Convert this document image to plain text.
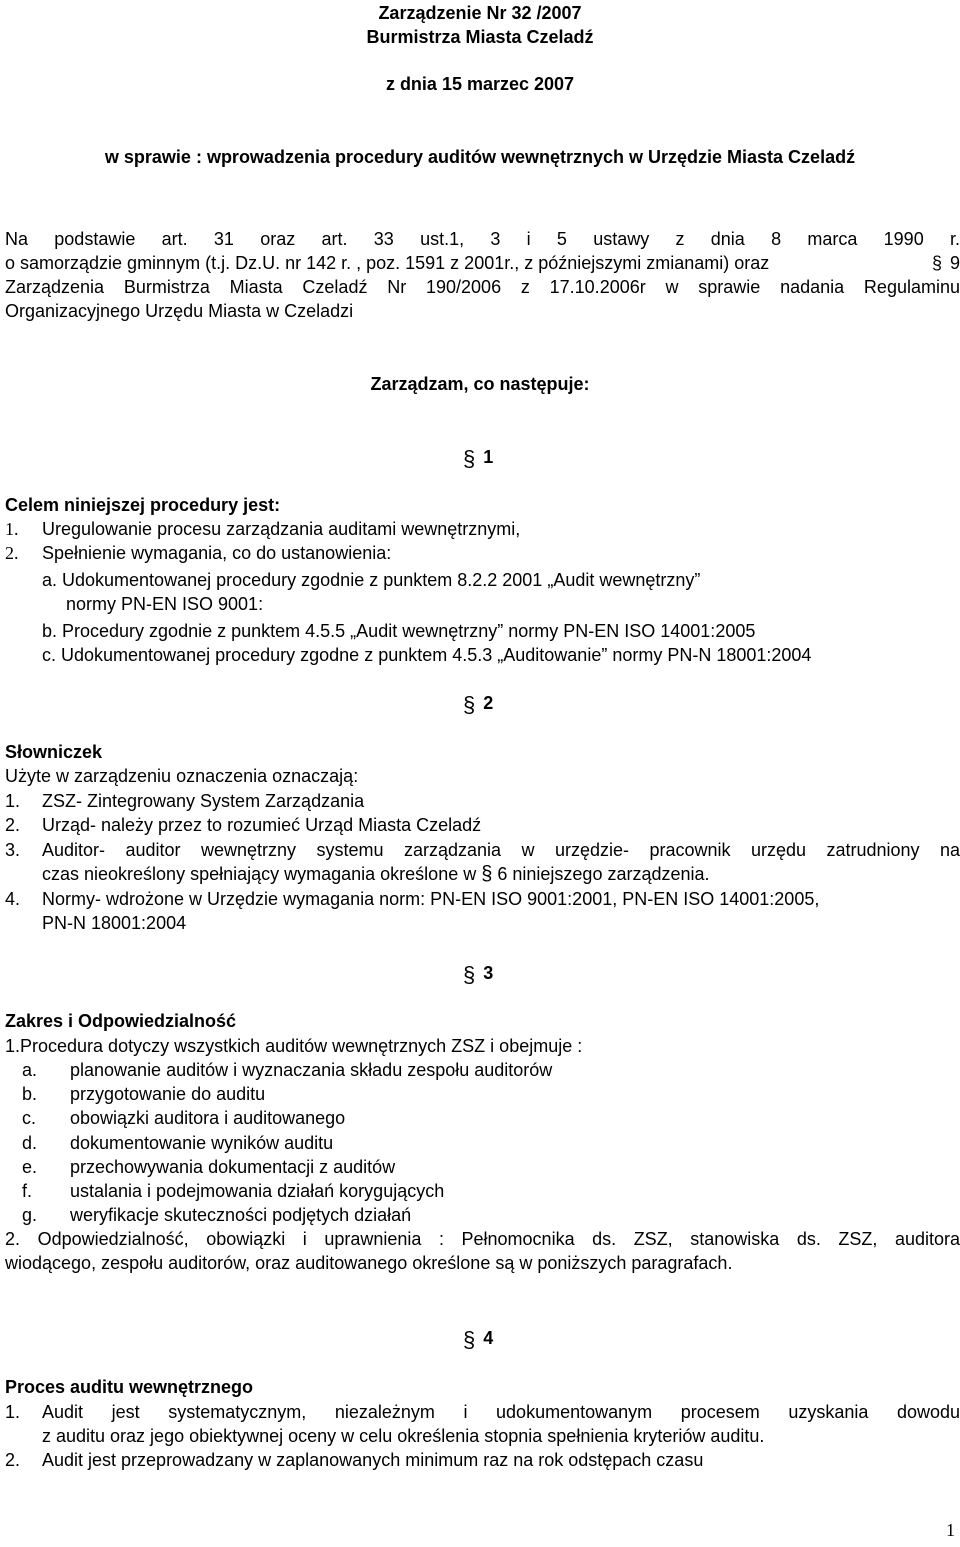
Zarządzenie Nr 32 /2007
Burmistrza Miasta Czeladź
z dnia 15 marzec 2007
w sprawie : wprowadzenia procedury auditów wewnętrznych w Urzędzie Miasta Czeladź
Na podstawie art. 31 oraz art. 33 ust.1, 3 i 5 ustawy z dnia 8 marca 1990 r.
o samorządzie gminnym (t.j. Dz.U. nr 142 r. , poz. 1591 z 2001r., z późniejszymi zmianami) oraz	§ 9
Zarządzenia Burmistrza Miasta Czeladź Nr 190/2006 z 17.10.2006r w sprawie nadania Regulaminu
Organizacyjnego Urzędu Miasta w Czeladzi
Zarządzam, co następuje:
§ 1
Celem niniejszej procedury jest:
1. Uregulowanie procesu zarządzania auditami wewnętrznymi,
2. Spełnienie wymagania, co do ustanowienia:
a. Udokumentowanej procedury zgodnie z punktem 8.2.2 2001 „Audit wewnętrzny”
normy PN-EN ISO 9001:
b. Procedury zgodnie z punktem 4.5.5 „Audit wewnętrzny” normy PN-EN ISO 14001:2005
c. Udokumentowanej procedury zgodne z punktem 4.5.3 „Auditowanie” normy PN-N 18001:2004
§ 2
Słowniczek
Użyte w zarządzeniu oznaczenia oznaczają:
1. ZSZ- Zintegrowany System Zarządzania
2. Urząd- należy przez to rozumieć Urząd Miasta Czeladź
3. Auditor- auditor wewnętrzny systemu zarządzania w urzędzie- pracownik urzędu zatrudniony na
czas nieokreślony spełniający wymagania określone w § 6 niniejszego zarządzenia.
4. Normy- wdrożone w Urzędzie wymagania norm: PN-EN ISO 9001:2001, PN-EN ISO 14001:2005,
PN-N 18001:2004
§ 3
Zakres i Odpowiedzialność
1.Procedura dotyczy wszystkich auditów wewnętrznych ZSZ i obejmuje :
a. planowanie auditów i wyznaczania składu zespołu auditorów
b. przygotowanie do auditu
c. obowiązki auditora i auditowanego
d. dokumentowanie wyników auditu
e. przechowywania dokumentacji z auditów
f. ustalania i podejmowania działań korygujących
g. weryfikacje skuteczności podjętych działań
2. Odpowiedzialność, obowiązki i uprawnienia : Pełnomocnika ds. ZSZ, stanowiska ds. ZSZ, auditora
wiodącego, zespołu auditorów, oraz auditowanego określone są w poniższych paragrafach.
§ 4
Proces auditu wewnętrznego
1. Audit jest systematycznym, niezależnym i udokumentowanym procesem uzyskania dowodu
z auditu oraz jego obiektywnej oceny w celu określenia stopnia spełnienia kryteriów auditu.
2. Audit jest przeprowadzany w zaplanowanych minimum raz na rok odstępach czasu
1
